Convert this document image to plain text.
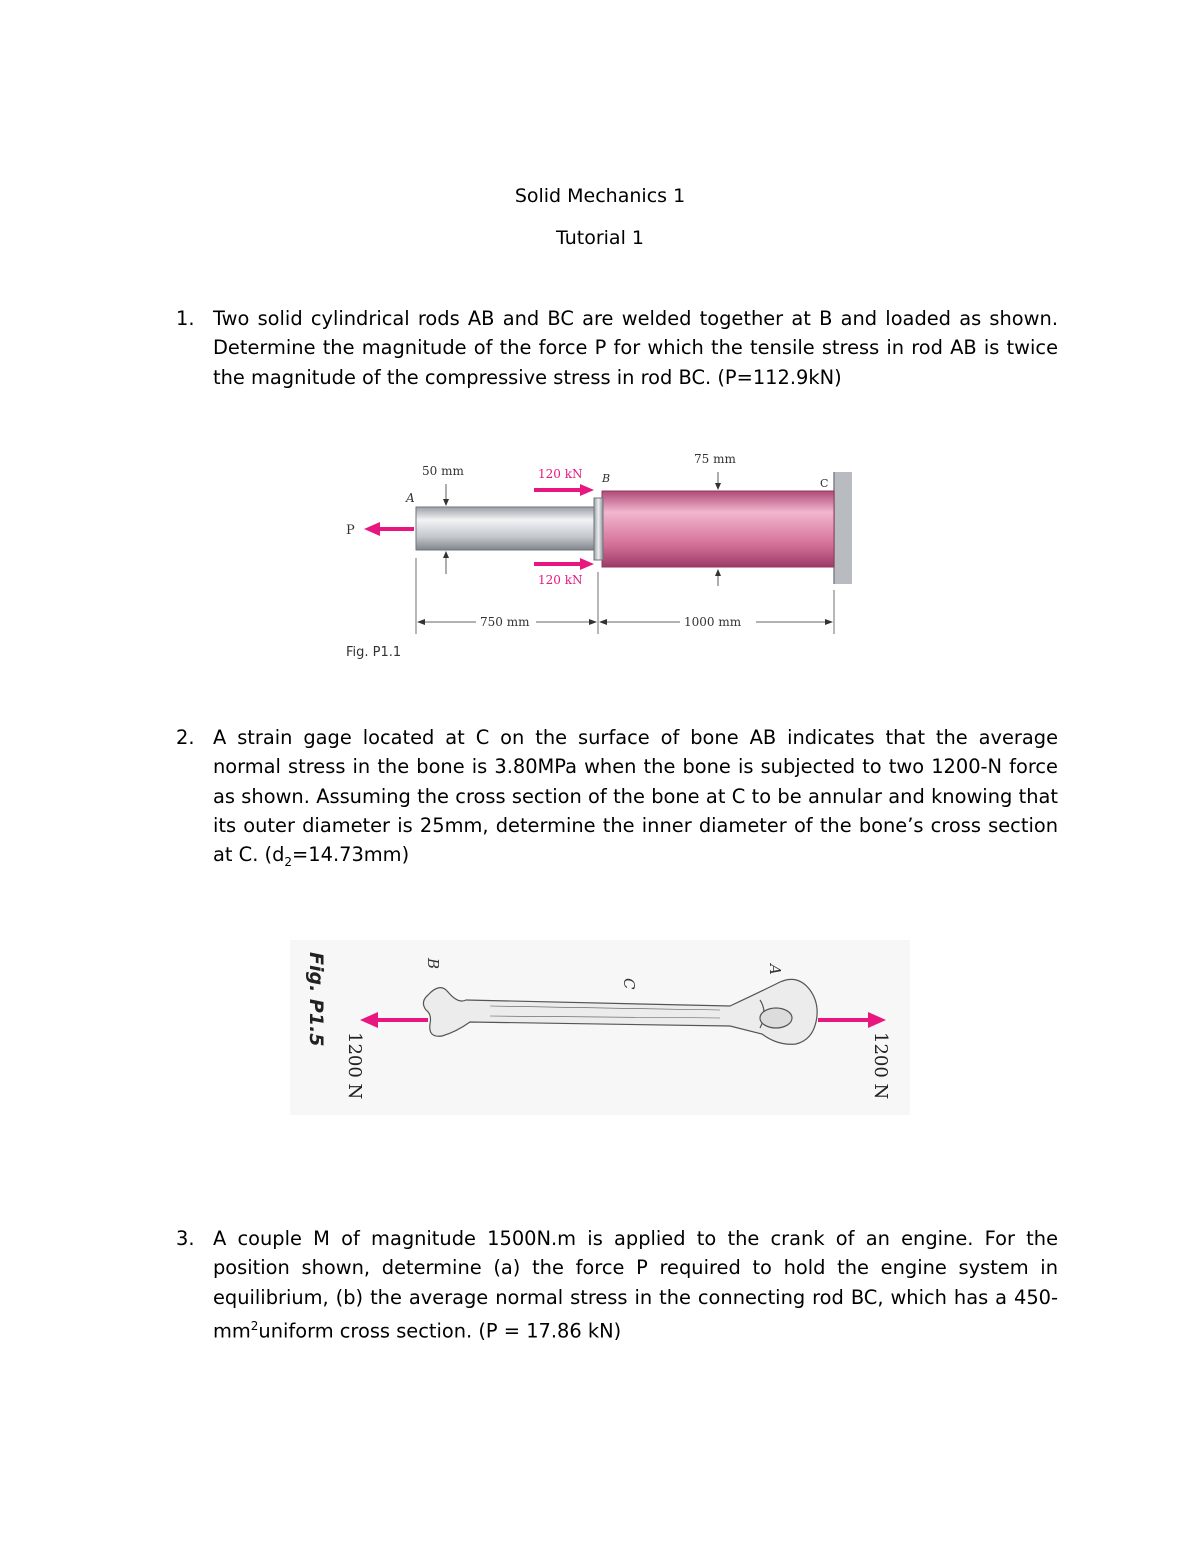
Solid Mechanics 1
Tutorial 1
1. Two solid cylindrical rods AB and BC are welded together at B and loaded as shown. Determine the magnitude of the force P for which the tensile stress in rod AB is twice the magnitude of the compressive stress in rod BC. (P=112.9kN)
P
A
50 mm	120 kN
120 kN
B
75 mm
C
750 mm	1000 mm
Fig. P1.1
2. A strain gage located at C on the surface of bone AB indicates that the average normal stress in the bone is 3.80MPa when the bone is subjected to two 1200-N force as shown. Assuming the cross section of the bone at C to be annular and knowing that its outer diameter is 25mm, determine the inner diameter of the bone’s cross section at C. $(d_2=14.73mm)$
Fig. P1.5
1200 N	1200 N
B
C
A
3. A couple M of magnitude 1500N.m is applied to the crank of an engine. For the position shown, determine (a) the force P required to hold the engine system in equilibrium, (b) the average normal stress in the connecting rod BC, which has a $450-mm^2uniform$ cross section. (P = 17.86 kN)
